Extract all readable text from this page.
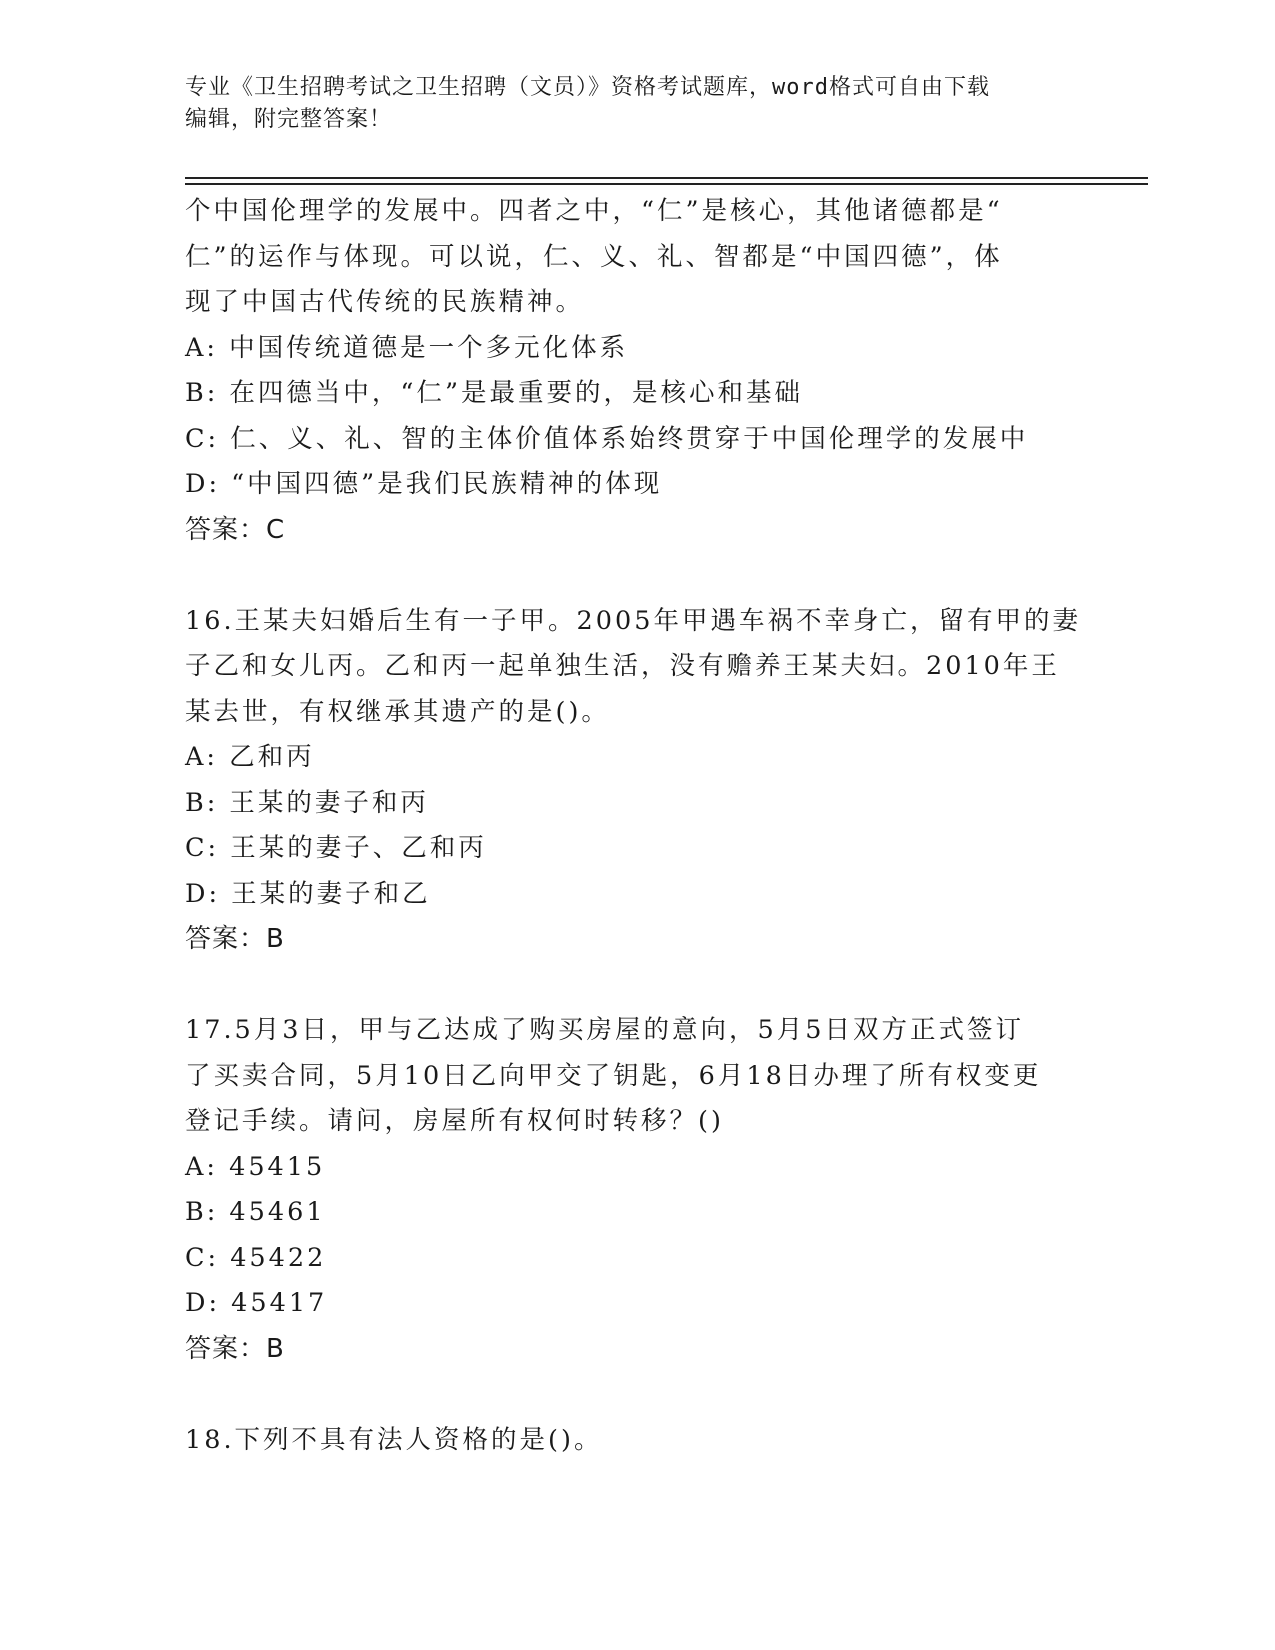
专业《卫生招聘考试之卫生招聘（文员）》资格考试题库，word格式可自由下载
编辑，附完整答案！
个中国伦理学的发展中。四者之中，“仁”是核心，其他诸德都是“
仁”的运作与体现。可以说，仁、义、礼、智都是“中国四德”，体
现了中国古代传统的民族精神。
A: 中国传统道德是一个多元化体系
B: 在四德当中，“仁”是最重要的，是核心和基础
C: 仁、义、礼、智的主体价值体系始终贯穿于中国伦理学的发展中
D: “中国四德”是我们民族精神的体现
答案：C
16.王某夫妇婚后生有一子甲。2005年甲遇车祸不幸身亡，留有甲的妻
子乙和女儿丙。乙和丙一起单独生活，没有赡养王某夫妇。2010年王
某去世，有权继承其遗产的是()。
A: 乙和丙
B: 王某的妻子和丙
C: 王某的妻子、乙和丙
D: 王某的妻子和乙
答案：B
17.5月3日，甲与乙达成了购买房屋的意向，5月5日双方正式签订
了买卖合同，5月10日乙向甲交了钥匙，6月18日办理了所有权变更
登记手续。请问，房屋所有权何时转移？()
A: 45415
B: 45461
C: 45422
D: 45417
答案：B
18.下列不具有法人资格的是()。
